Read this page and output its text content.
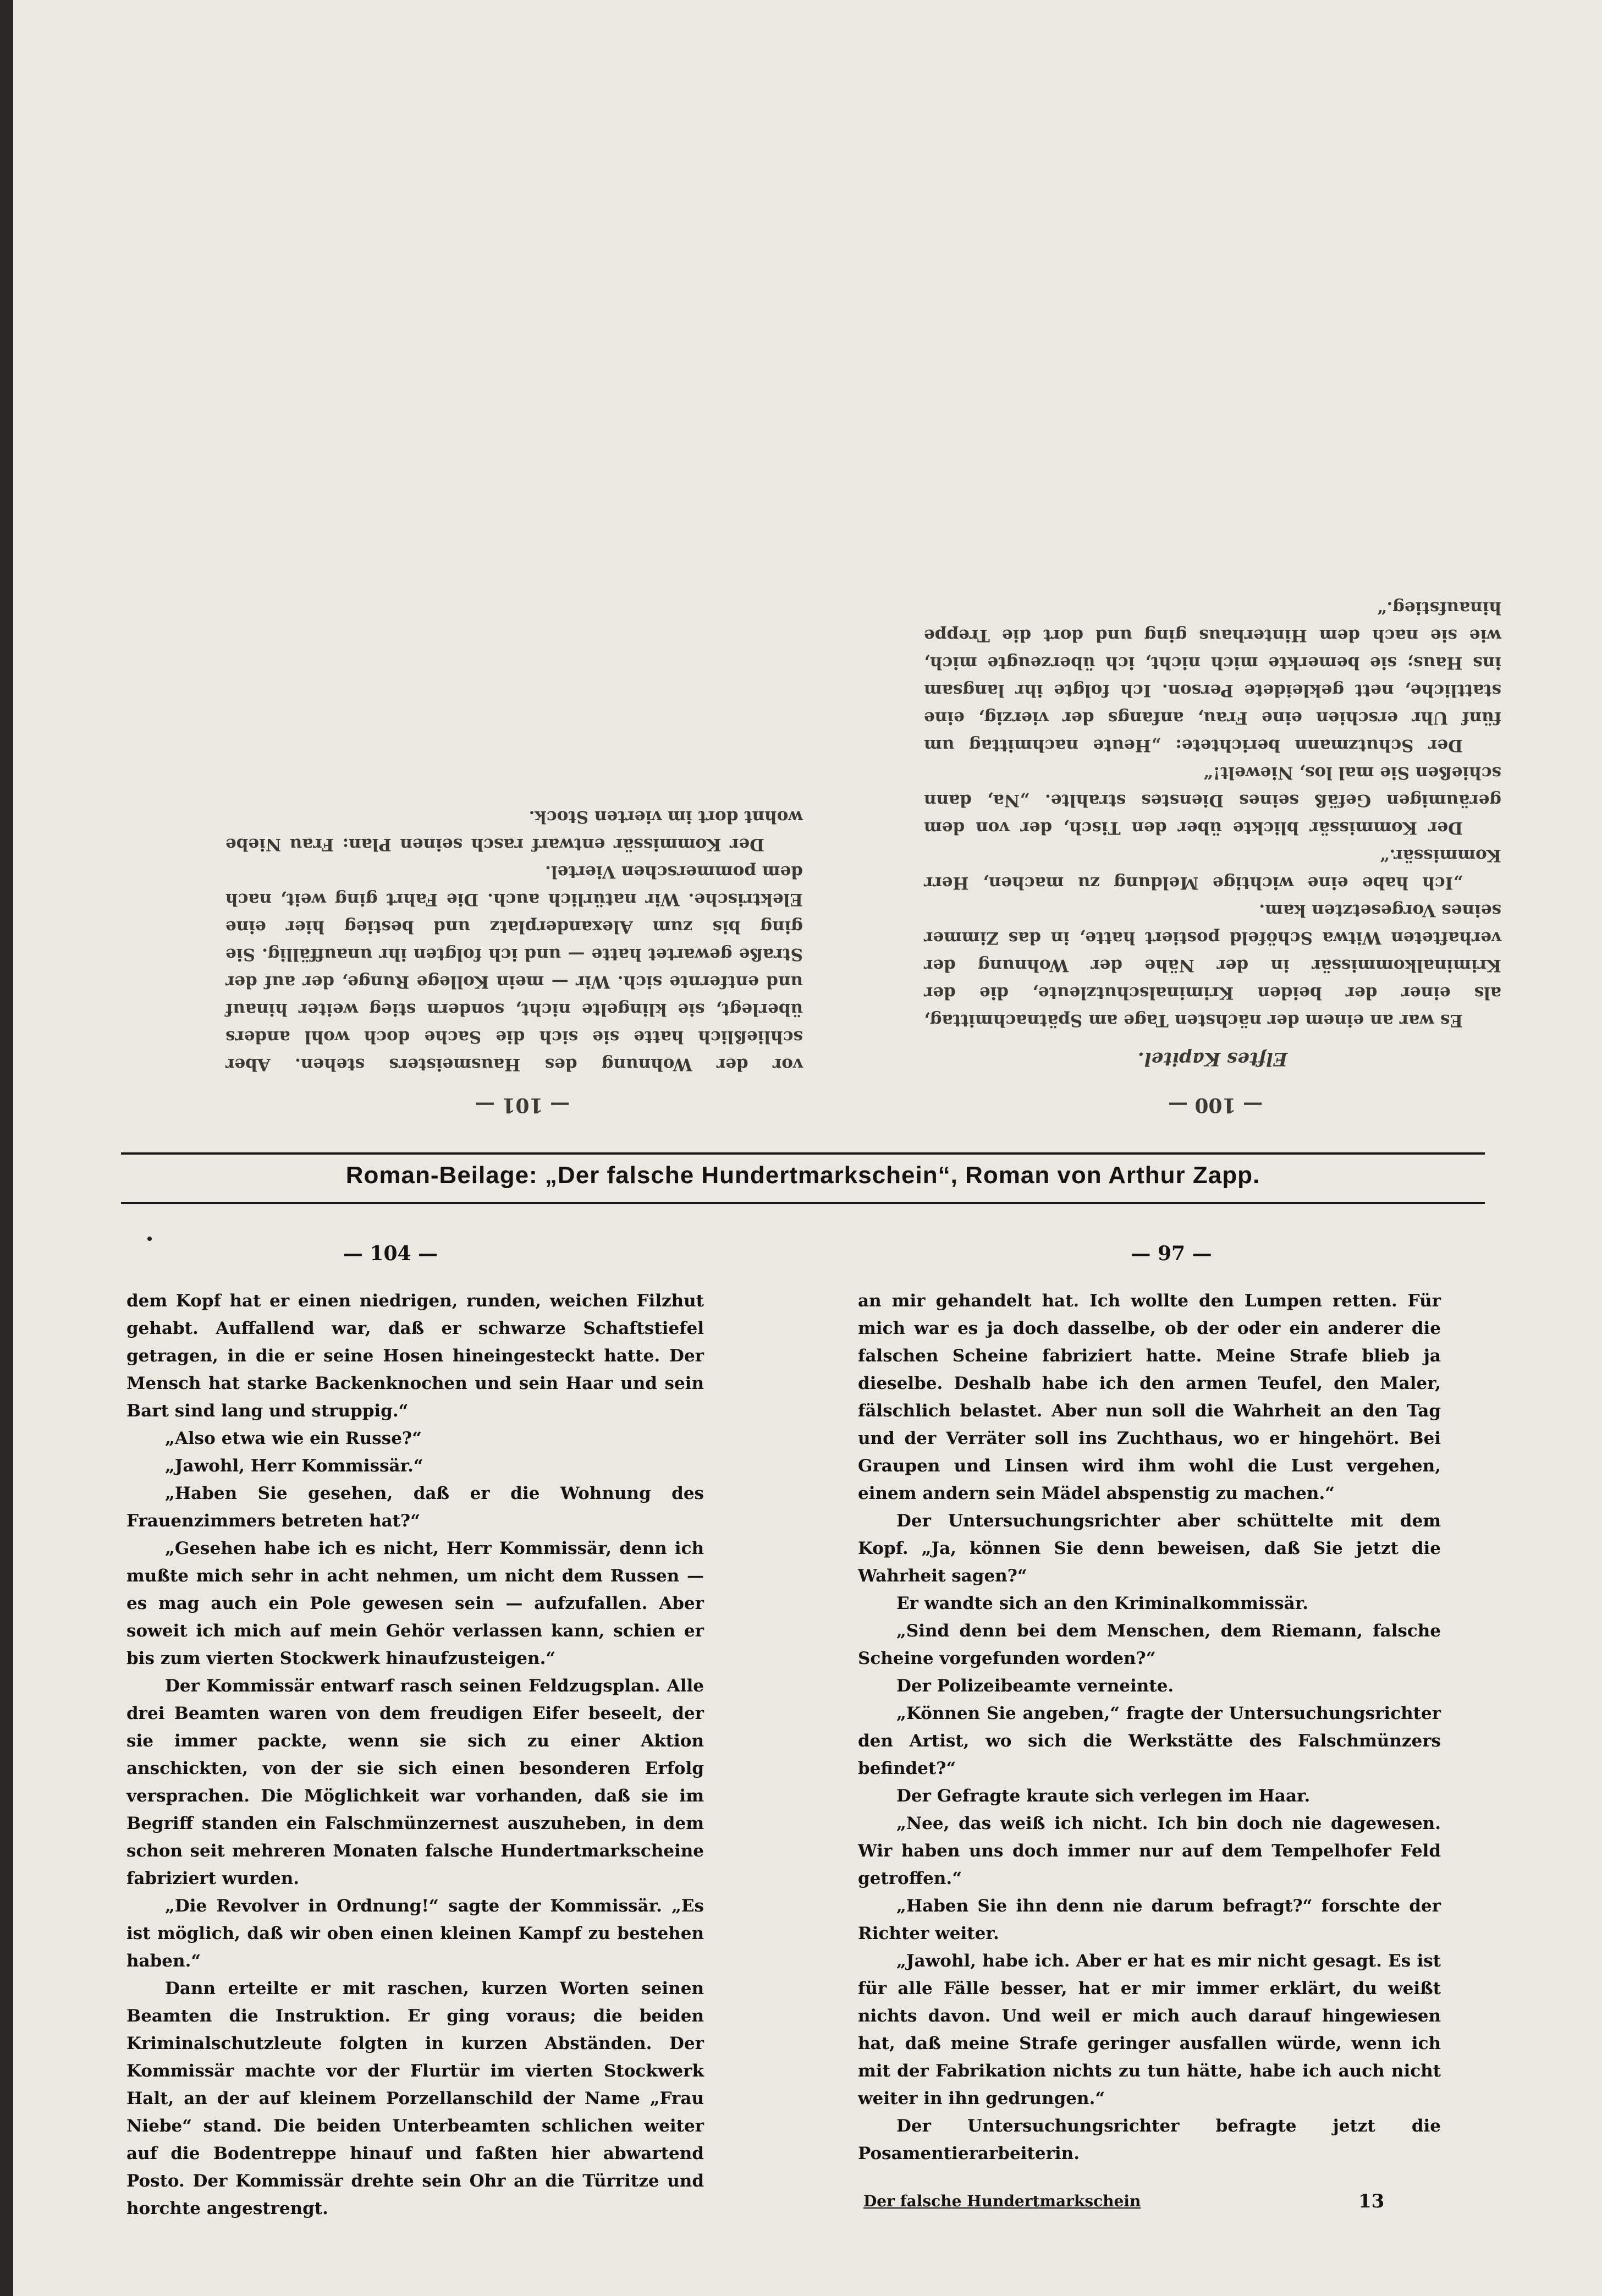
— 100 —
— 101 —
Elftes Kapitel.

Es war an einem der nächsten Tage am Spätnachmittag, als einer der beiden Kriminalschutzleute, die der Kriminalkommissär in der Nähe der Wohnung der verhafteten Witwa Schöfeld postiert hatte, in das Zimmer seines Vorgesetzten kam.

„Ich habe eine wichtige Meldung zu machen, Herr Kommissär.“

Der Kommissär blickte über den Tisch, der von dem geräumigen Gefäß seines Dienstes strahlte. „Na, dann schießen Sie mal los, Niewelt!“

Der Schutzmann berichtete: „Heute nachmittag um fünf Uhr erschien eine Frau, anfangs der vierzig, eine stattliche, nett gekleidete Person. Ich folgte ihr langsam ins Haus; sie bemerkte mich nicht, ich überzeugte mich, wie sie nach dem Hinterhaus ging und dort die Treppe hinaufstieg.“

vor der Wohnung des Hausmeisters stehen. Aber schließlich hatte sie sich die Sache doch wohl anders überlegt, sie klingelte nicht, sondern stieg weiter hinauf und entfernte sich. Wir — mein Kollege Runge, der auf der Straße gewartet hatte — und ich folgten ihr unauffällig. Sie ging bis zum Alexanderplatz und bestieg hier eine Elektrische. Wir natürlich auch. Die Fahrt ging weit, nach dem pommerschen Viertel.

Der Kommissär entwarf rasch seinen Plan: Frau Niebe wohnt dort im vierten Stock.

Roman-Beilage: „Der falsche Hundertmarkschein“, Roman von Arthur Zapp.
— 104 —	— 97 —

dem Kopf hat er einen niedrigen, runden, weichen Filzhut gehabt. Auffallend war, daß er schwarze Schaftstiefel getragen, in die er seine Hosen hineingesteckt hatte. Der Mensch hat starke Backenknochen und sein Haar und sein Bart sind lang und struppig.“

„Also etwa wie ein Russe?“

„Jawohl, Herr Kommissär.“

„Haben Sie gesehen, daß er die Wohnung des Frauenzimmers betreten hat?“

„Gesehen habe ich es nicht, Herr Kommissär, denn ich mußte mich sehr in acht nehmen, um nicht dem Russen — es mag auch ein Pole gewesen sein — aufzufallen. Aber soweit ich mich auf mein Gehör verlassen kann, schien er bis zum vierten Stockwerk hinaufzusteigen.“

Der Kommissär entwarf rasch seinen Feldzugsplan. Alle drei Beamten waren von dem freudigen Eifer beseelt, der sie immer packte, wenn sie sich zu einer Aktion anschickten, von der sie sich einen besonderen Erfolg versprachen. Die Möglichkeit war vorhanden, daß sie im Begriff standen ein Falschmünzernest auszuheben, in dem schon seit mehreren Monaten falsche Hundertmarkscheine fabriziert wurden.

„Die Revolver in Ordnung!“ sagte der Kommissär. „Es ist möglich, daß wir oben einen kleinen Kampf zu bestehen haben.“

Dann erteilte er mit raschen, kurzen Worten seinen Beamten die Instruktion. Er ging voraus; die beiden Kriminalschutzleute folgten in kurzen Abständen. Der Kommissär machte vor der Flurtür im vierten Stockwerk Halt, an der auf kleinem Porzellanschild der Name „Frau Niebe“ stand. Die beiden Unterbeamten schlichen weiter auf die Bodentreppe hinauf und faßten hier abwartend Posto. Der Kommissär drehte sein Ohr an die Türritze und horchte angestrengt.

an mir gehandelt hat. Ich wollte den Lumpen retten. Für mich war es ja doch dasselbe, ob der oder ein anderer die falschen Scheine fabriziert hatte. Meine Strafe blieb ja dieselbe. Deshalb habe ich den armen Teufel, den Maler, fälschlich belastet. Aber nun soll die Wahrheit an den Tag und der Verräter soll ins Zuchthaus, wo er hingehört. Bei Graupen und Linsen wird ihm wohl die Lust vergehen, einem andern sein Mädel abspenstig zu machen.“

Der Untersuchungsrichter aber schüttelte mit dem Kopf. „Ja, können Sie denn beweisen, daß Sie jetzt die Wahrheit sagen?“

Er wandte sich an den Kriminalkommissär.

„Sind denn bei dem Menschen, dem Riemann, falsche Scheine vorgefunden worden?“

Der Polizeibeamte verneinte.

„Können Sie angeben,“ fragte der Untersuchungsrichter den Artist, wo sich die Werkstätte des Falschmünzers befindet?“

Der Gefragte kraute sich verlegen im Haar.

„Nee, das weiß ich nicht. Ich bin doch nie dagewesen. Wir haben uns doch immer nur auf dem Tempelhofer Feld getroffen.“

„Haben Sie ihn denn nie darum befragt?“ forschte der Richter weiter.

„Jawohl, habe ich. Aber er hat es mir nicht gesagt. Es ist für alle Fälle besser, hat er mir immer erklärt, du weißt nichts davon. Und weil er mich auch darauf hingewiesen hat, daß meine Strafe geringer ausfallen würde, wenn ich mit der Fabrikation nichts zu tun hätte, habe ich auch nicht weiter in ihn gedrungen.“

Der Untersuchungsrichter befragte jetzt die Posamentierarbeiterin.

Der falsche Hundertmarkschein	13
